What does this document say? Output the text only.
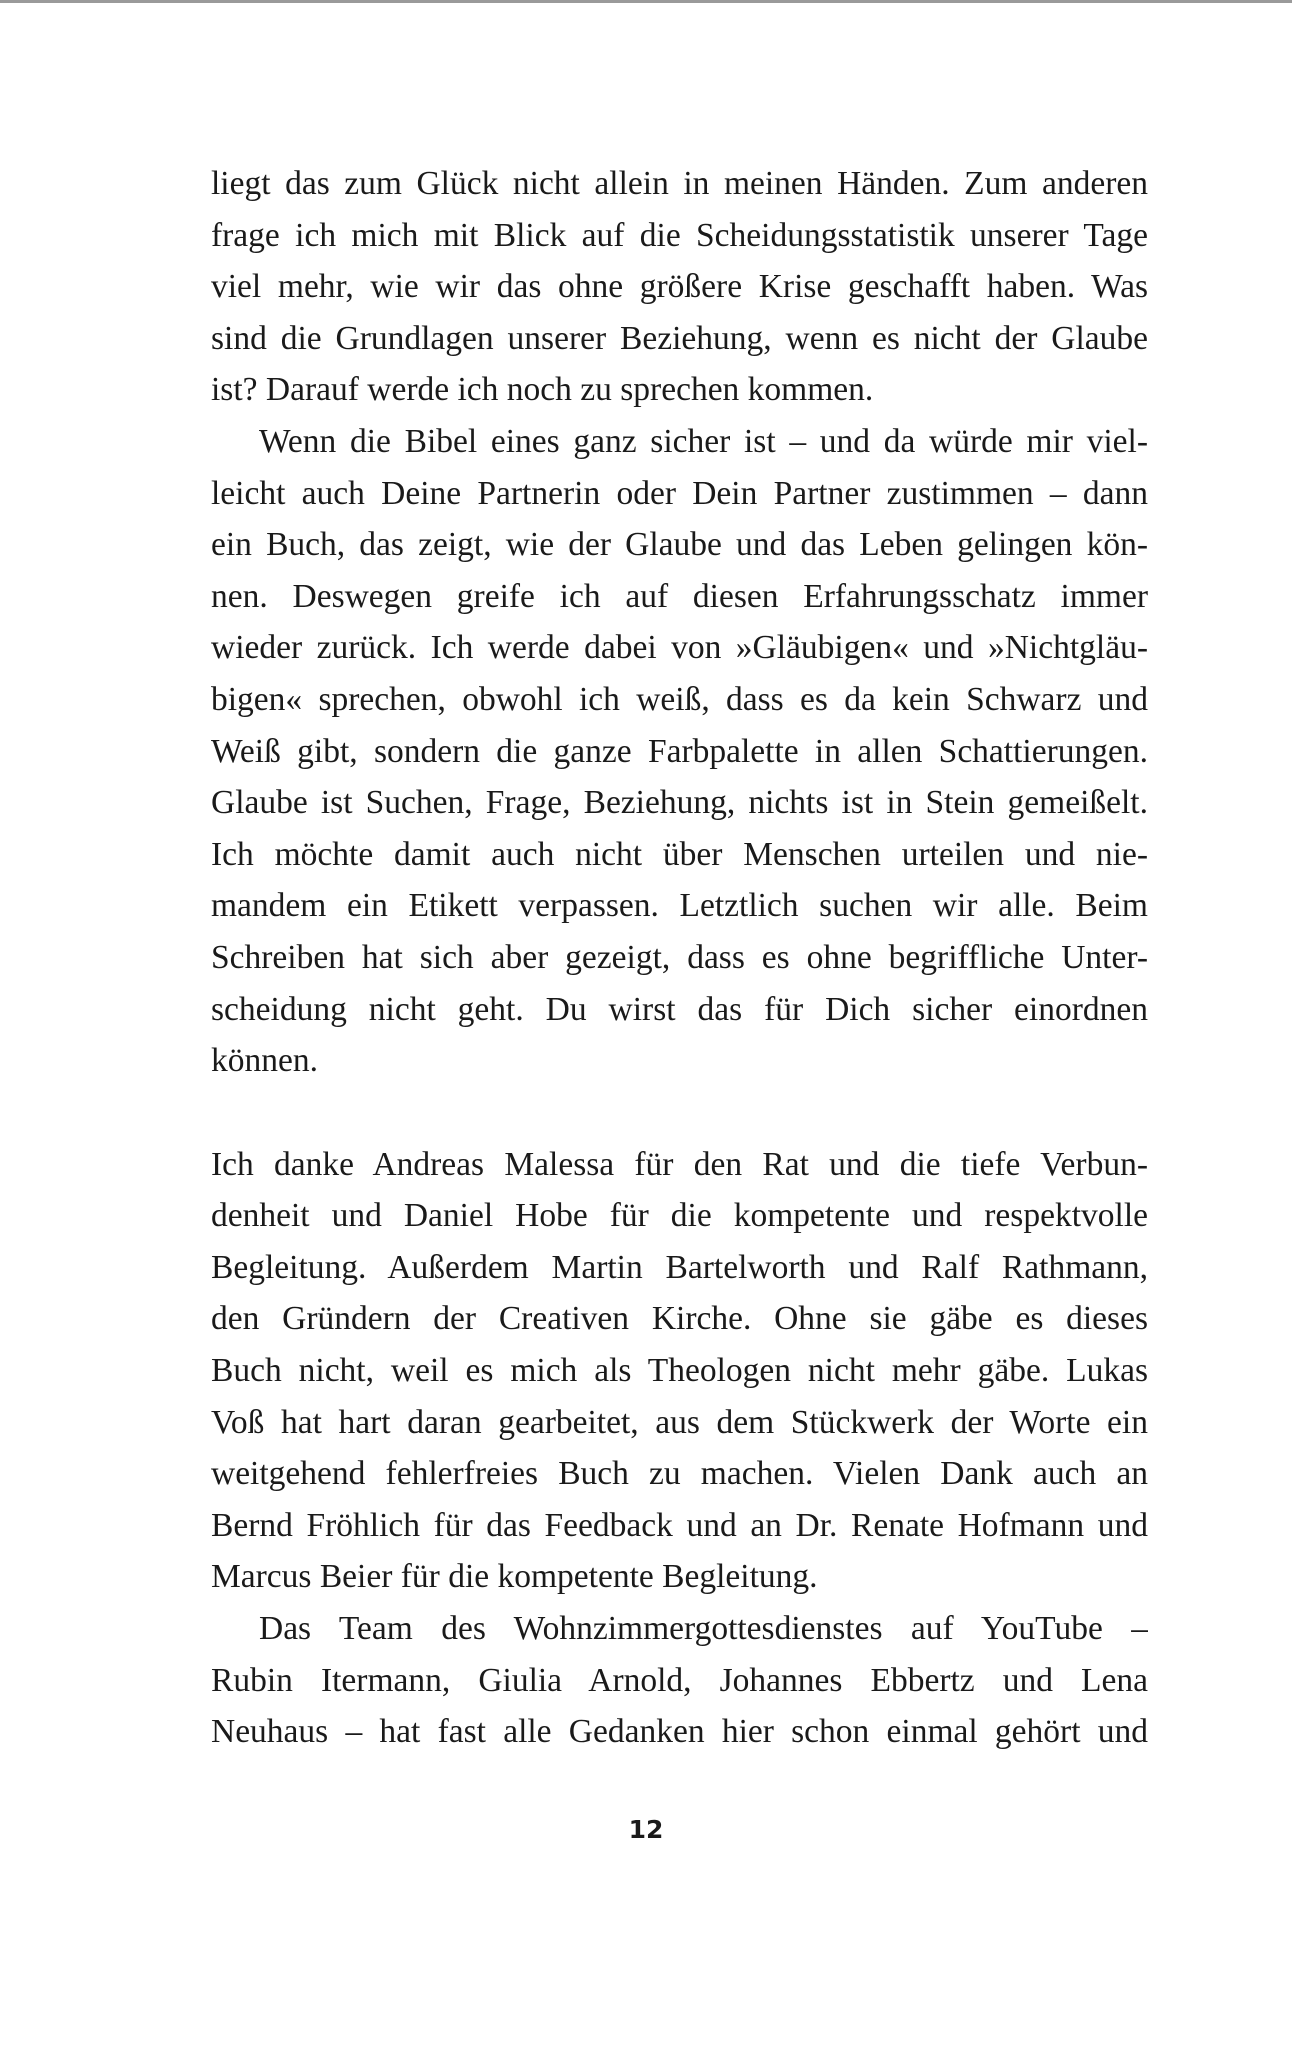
liegt das zum Glück nicht allein in meinen Händen. Zum anderen
frage ich mich mit Blick auf die Scheidungsstatistik unserer Tage
viel mehr, wie wir das ohne größere Krise geschafft haben. Was
sind die Grundlagen unserer Beziehung, wenn es nicht der Glaube
ist? Darauf werde ich noch zu sprechen kommen.
Wenn die Bibel eines ganz sicher ist – und da würde mir viel-
leicht auch Deine Partnerin oder Dein Partner zustimmen – dann
ein Buch, das zeigt, wie der Glaube und das Leben gelingen kön-
nen. Deswegen greife ich auf diesen Erfahrungsschatz immer
wieder zurück. Ich werde dabei von »Gläubigen« und »Nichtgläu-
bigen« sprechen, obwohl ich weiß, dass es da kein Schwarz und
Weiß gibt, sondern die ganze Farbpalette in allen Schattierungen.
Glaube ist Suchen, Frage, Beziehung, nichts ist in Stein gemeißelt.
Ich möchte damit auch nicht über Menschen urteilen und nie-
mandem ein Etikett verpassen. Letztlich suchen wir alle. Beim
Schreiben hat sich aber gezeigt, dass es ohne begriffliche Unter-
scheidung nicht geht. Du wirst das für Dich sicher einordnen
können.
Ich danke Andreas Malessa für den Rat und die tiefe Verbun-
denheit und Daniel Hobe für die kompetente und respektvolle
Begleitung. Außerdem Martin Bartelworth und Ralf Rathmann,
den Gründern der Creativen Kirche. Ohne sie gäbe es dieses
Buch nicht, weil es mich als Theologen nicht mehr gäbe. Lukas
Voß hat hart daran gearbeitet, aus dem Stückwerk der Worte ein
weitgehend fehlerfreies Buch zu machen. Vielen Dank auch an
Bernd Fröhlich für das Feedback und an Dr. Renate Hofmann und
Marcus Beier für die kompetente Begleitung.
Das Team des Wohnzimmergottesdienstes auf YouTube –
Rubin Itermann, Giulia Arnold, Johannes Ebbertz und Lena
Neuhaus – hat fast alle Gedanken hier schon einmal gehört und
12
